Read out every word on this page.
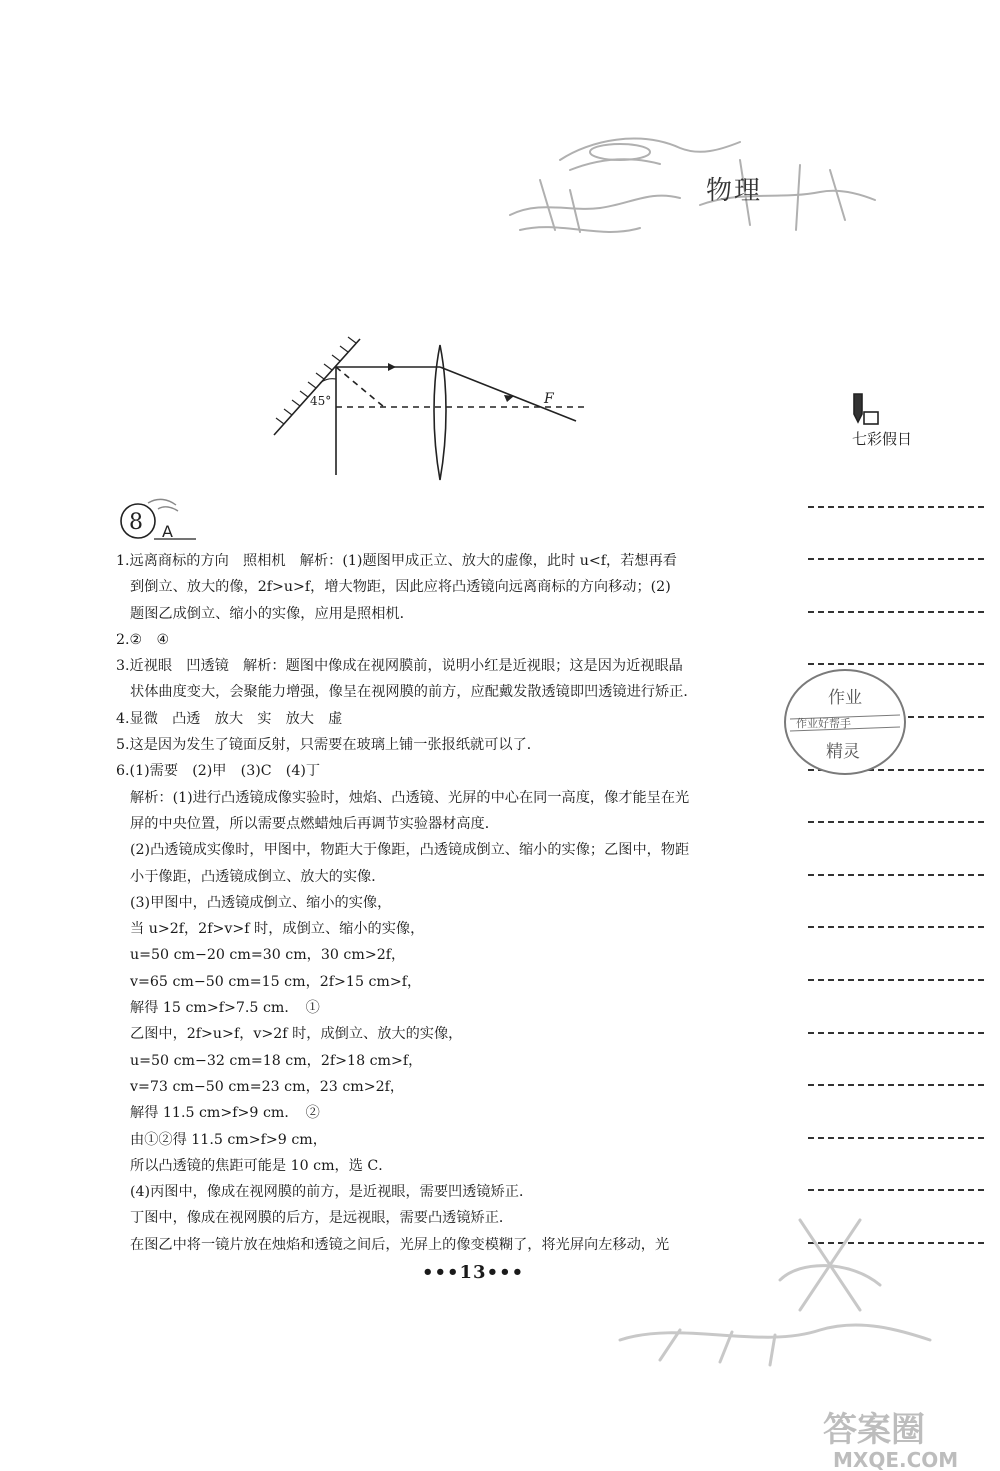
物理
45°	F
七彩假日
作业
作业好帮手
精灵
8 A
1.远离商标的方向　照相机　解析：(1)题图甲成正立、放大的虚像，此时 u<f，若想再看
到倒立、放大的像，2f>u>f，增大物距，因此应将凸透镜向远离商标的方向移动；(2)
题图乙成倒立、缩小的实像，应用是照相机．
2.②　④
3.近视眼　凹透镜　解析：题图中像成在视网膜前，说明小红是近视眼；这是因为近视眼晶
状体曲度变大，会聚能力增强，像呈在视网膜的前方，应配戴发散透镜即凹透镜进行矫正．
4.显微　凸透　放大　实　放大　虚
5.这是因为发生了镜面反射，只需要在玻璃上铺一张报纸就可以了．
6.(1)需要　(2)甲　(3)C　(4)丁
解析：(1)进行凸透镜成像实验时，烛焰、凸透镜、光屏的中心在同一高度，像才能呈在光
屏的中央位置，所以需要点燃蜡烛后再调节实验器材高度．
(2)凸透镜成实像时，甲图中，物距大于像距，凸透镜成倒立、缩小的实像；乙图中，物距
小于像距，凸透镜成倒立、放大的实像．
(3)甲图中，凸透镜成倒立、缩小的实像，
当 u>2f，2f>v>f 时，成倒立、缩小的实像，
u=50 cm−20 cm=30 cm，30 cm>2f，
v=65 cm−50 cm=15 cm，2f>15 cm>f，
解得 15 cm>f>7.5 cm．　①
乙图中，2f>u>f，v>2f 时，成倒立、放大的实像，
u=50 cm−32 cm=18 cm，2f>18 cm>f，
v=73 cm−50 cm=23 cm，23 cm>2f，
解得 11.5 cm>f>9 cm．　②
由①②得 11.5 cm>f>9 cm，
所以凸透镜的焦距可能是 10 cm，选 C．
(4)丙图中，像成在视网膜的前方，是近视眼，需要凹透镜矫正．
丁图中，像成在视网膜的后方，是远视眼，需要凸透镜矫正．
在图乙中将一镜片放在烛焰和透镜之间后，光屏上的像变模糊了，将光屏向左移动，光
•••13•••
答案圈
MXQE.COM
